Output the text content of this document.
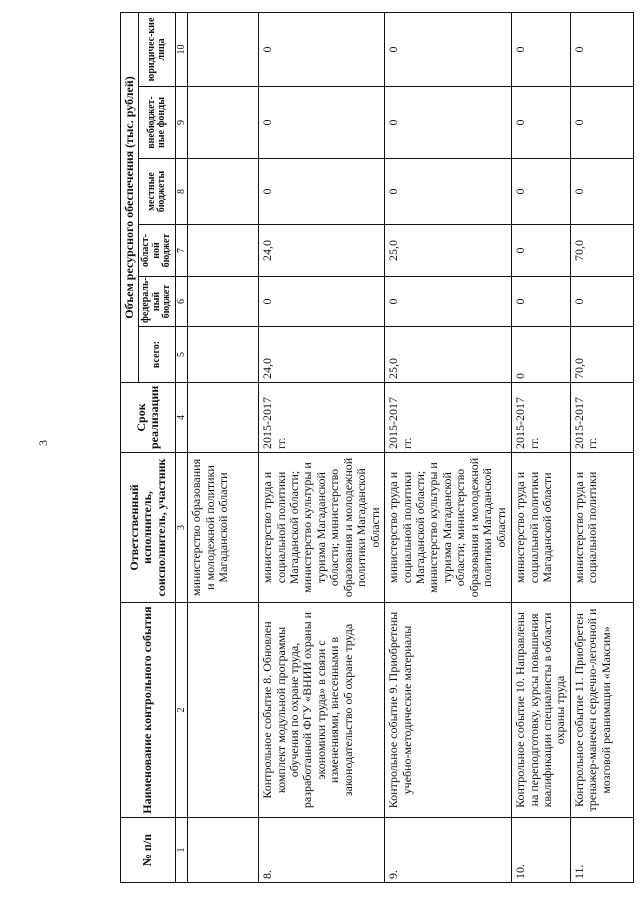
3
№ п/п	Наименование контрольного события	Ответственный исполнитель, соисполнитель, участник	Срок реализации	Объем ресурсного обеспечения (тыс. рублей)					
				всего:	федераль-ный бюджет	област-ной бюджет	местные бюджеты	внебюджет-ные фонды	юридичес-кие лица
1	2	3	4	5	6	7	8	9	10
		министерство образования и молодежной политики Магаданской области							
8.	Контрольное событие 8. Обновлен комплект модульной программы обучения по охране труда, разработанной ФГУ «ВНИИ охраны и экономики труда» в связи с изменениями, внесенными в законодательство об охране труда	министерство труда и социальной политики Магаданской области; министерство культуры и туризма Магаданской области; министерство образования и молодежной политики Магаданской области	2015-2017 гг.	24,0	0	24,0	0	0	0
9.	Контрольное событие 9. Приобретены учебно-методические материалы	министерство труда и социальной политики Магаданской области; министерство культуры и туризма Магаданской области; министерство образования и молодежной политики Магаданской области	2015-2017 гг.	25,0	0	25,0	0	0	0
10.	Контрольное событие 10. Направлены на переподготовку, курсы повышения квалификации специалисты в области охраны труда	министерство труда и социальной политики Магаданской области	2015-2017 гг.	0	0	0	0	0	0
11.	Контрольное событие 11. Приобретен тренажер-манекен сердечно-легочной и мозговой реанимации «Максим»	министерство труда и социальной политики	2015-2017 гг.	70,0	0	70,0	0	0	0
